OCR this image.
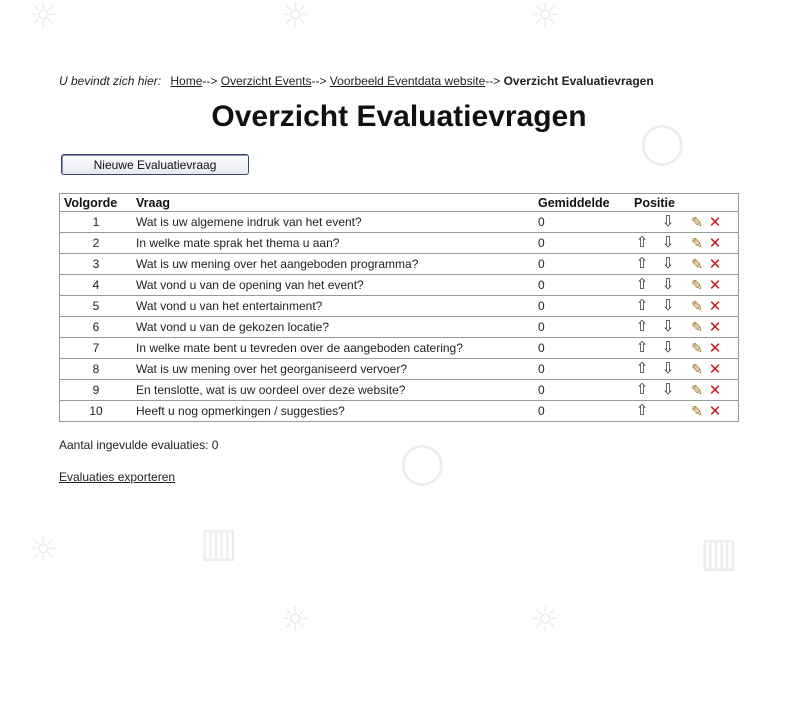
☼	☼	☼
◯
◯
☼
☼	☼
▥	▥
U bevindt zich hier: Home--> Overzicht Events--> Voorbeeld Eventdata website--> Overzicht Evaluatievragen
Overzicht Evaluatievragen
Nieuwe Evaluatievraag
Volgorde	Vraag	Gemiddelde	Positie	
1	Wat is uw algemene indruk van het event?	0	⇩	✎ ✕
2	In welke mate sprak het thema u aan?	0	⇧ ⇩	✎ ✕
3	Wat is uw mening over het aangeboden programma?	0	⇧ ⇩	✎ ✕
4	Wat vond u van de opening van het event?	0	⇧ ⇩	✎ ✕
5	Wat vond u van het entertainment?	0	⇧ ⇩	✎ ✕
6	Wat vond u van de gekozen locatie?	0	⇧ ⇩	✎ ✕
7	In welke mate bent u tevreden over de aangeboden catering?	0	⇧ ⇩	✎ ✕
8	Wat is uw mening over het georganiseerd vervoer?	0	⇧ ⇩	✎ ✕
9	En tenslotte, wat is uw oordeel over deze website?	0	⇧ ⇩	✎ ✕
10	Heeft u nog opmerkingen / suggesties?	0	⇧	✎ ✕
Aantal ingevulde evaluaties: 0
Evaluaties exporteren
